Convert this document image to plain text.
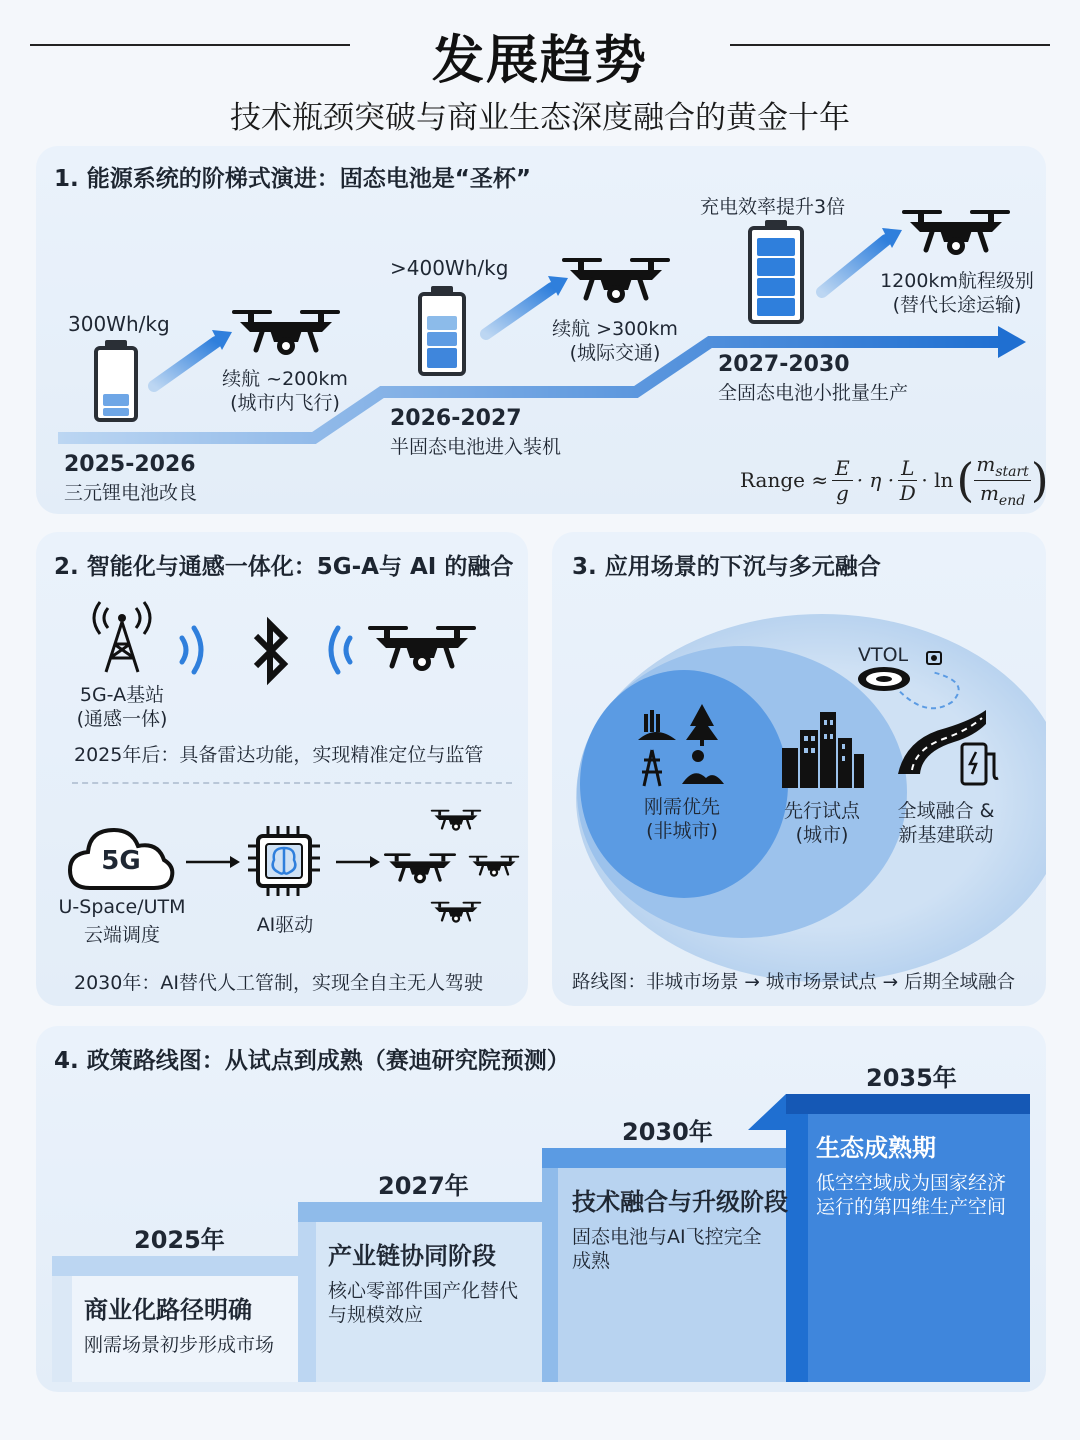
发展趋势
技术瓶颈突破与商业生态深度融合的黄金十年
1. 能源系统的阶梯式演进：固态电池是“圣杯”
300Wh/kg
续航 ~200km
(城市内飞行)
2025-2026
三元锂电池改良
>400Wh/kg
续航 >300km
(城际交通)
2026-2027
半固态电池进入装机
充电效率提升3倍
1200km航程级别
(替代长途运输)
2027-2030
全固态电池小批量生产
Range ≈ $\frac{E}{g} \cdot \eta$ ·
L
D
· ln ( $m_{start}$
$m_{end}$ )
2. 智能化与通感一体化：5G-A与 AI 的融合
5G-A基站
(通感一体)
2025年后：具备雷达功能，实现精准定位与监管
5G
U-Space/UTM
云端调度	AI驱动
2030年：AI替代人工管制，实现全自主无人驾驶
3. 应用场景的下沉与多元融合
刚需优先
(非城市)
先行试点
(城市)
VTOL
全域融合 &
新基建联动
路线图：非城市场景 → 城市场景试点 → 后期全域融合
4. 政策路线图：从试点到成熟（赛迪研究院预测）
2025年
商业化路径明确
刚需场景初步形成市场
2027年
产业链协同阶段
核心零部件国产化替代
与规模效应
2030年
技术融合与升级阶段
固态电池与AI飞控完全
成熟
2035年
生态成熟期
低空空域成为国家经济
运行的第四维生产空间
